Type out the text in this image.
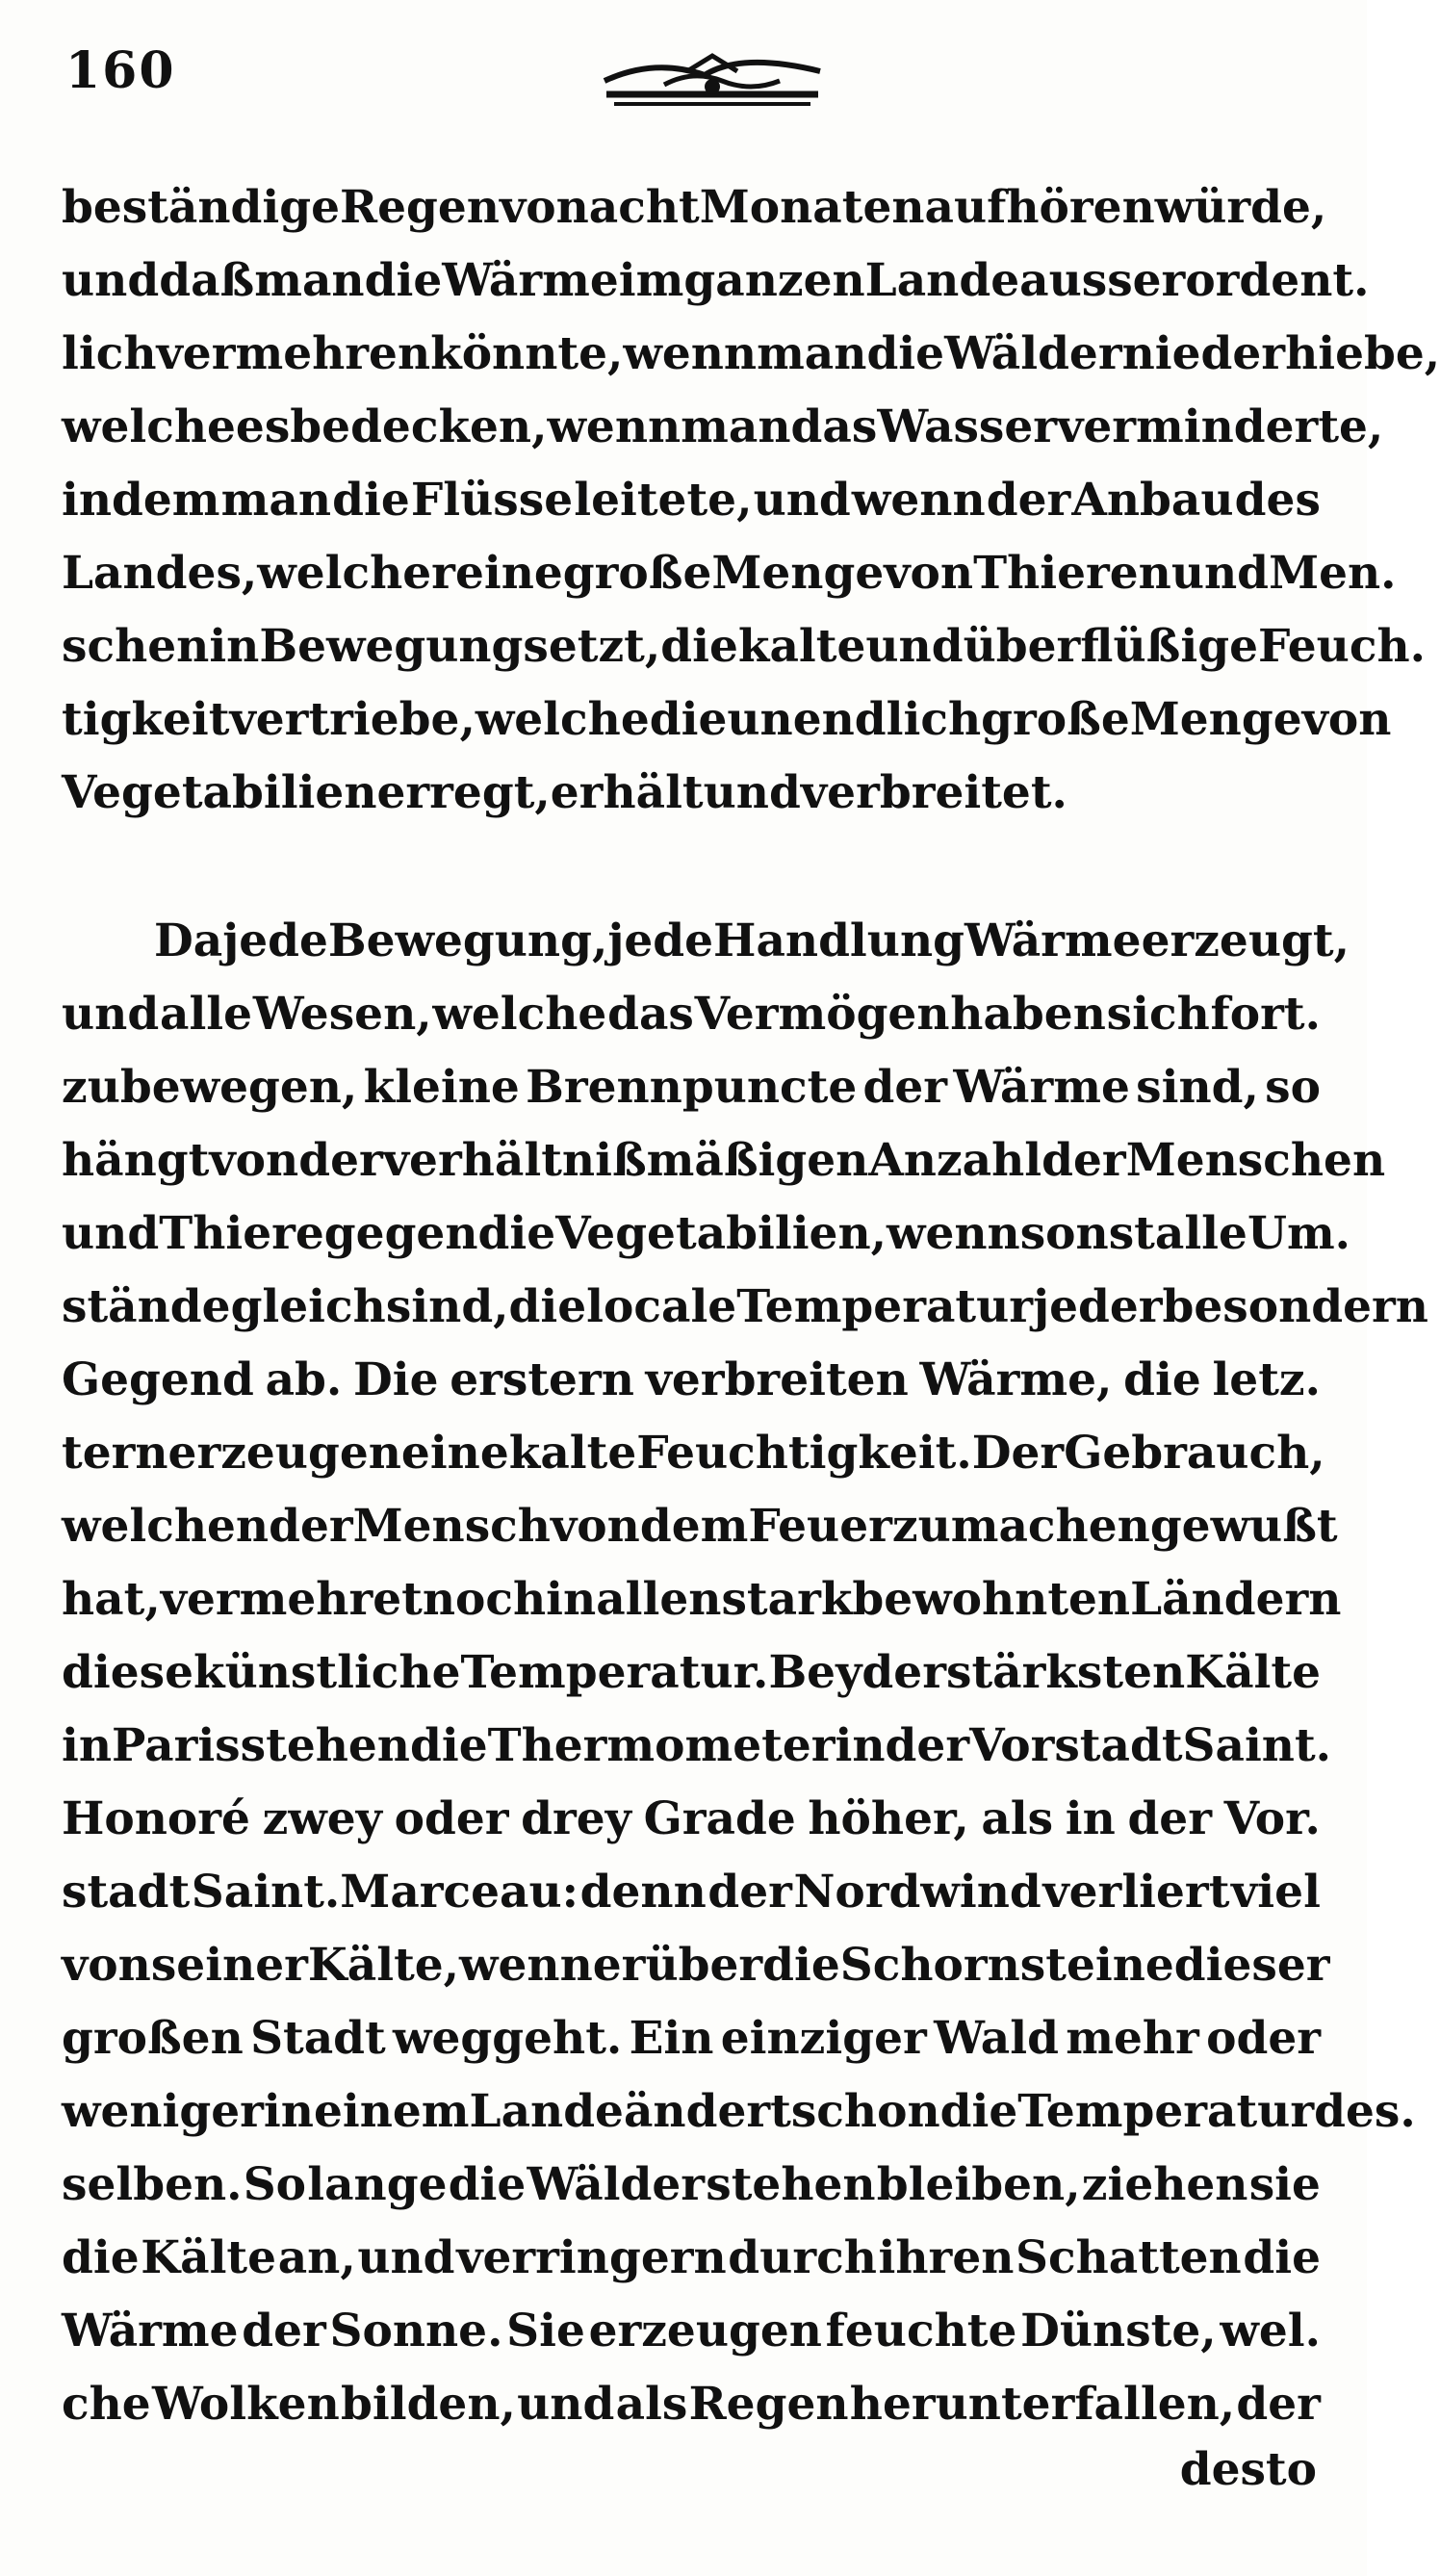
160
beständige Regen von acht Monaten aufhören würde,
und daß man die Wärme im ganzen Lande ausserordent.
lich vermehren könnte, wenn man die Wälder niederhiebe,
welche es bedecken, wenn man das Wasser verminderte,
indem man die Flüsse leitete, und wenn der Anbau des
Landes, welcher eine große Menge von Thieren und Men.
schen in Bewegung setzt, die kalte und überflüßige Feuch.
tigkeit vertriebe, welche die unendlich große Menge von
Vegetabilien erregt, erhält und verbreitet.
Da jede Bewegung, jede Handlung Wärme erzeugt,
und alle Wesen, welche das Vermögen haben sich fort.
zubewegen, kleine Brennpuncte der Wärme sind, so
hängt von der verhältnißmäßigen Anzahl der Menschen
und Thiere gegen die Vegetabilien, wenn sonst alle Um.
stände gleich sind, die locale Temperatur jeder besondern
Gegend ab. Die erstern verbreiten Wärme, die letz.
tern erzeugen eine kalte Feuchtigkeit. Der Gebrauch,
welchen der Mensch von dem Feuer zu machen gewußt
hat, vermehret noch in allen stark bewohnten Ländern
diese künstliche Temperatur. Bey der stärksten Kälte
in Paris stehen die Thermometer in der Vorstadt Saint.
Honoré zwey oder drey Grade höher, als in der Vor.
stadt Saint.Marceau: denn der Nordwind verliert viel
von seiner Kälte, wenn er über die Schornsteine dieser
großen Stadt weggeht. Ein einziger Wald mehr oder
weniger in einem Lande ändert schon die Temperatur des.
selben. So lange die Wälder stehen bleiben, ziehen sie
die Kälte an, und verringern durch ihren Schatten die
Wärme der Sonne. Sie erzeugen feuchte Dünste, wel.
che Wolken bilden, und als Regen herunterfallen, der
desto
